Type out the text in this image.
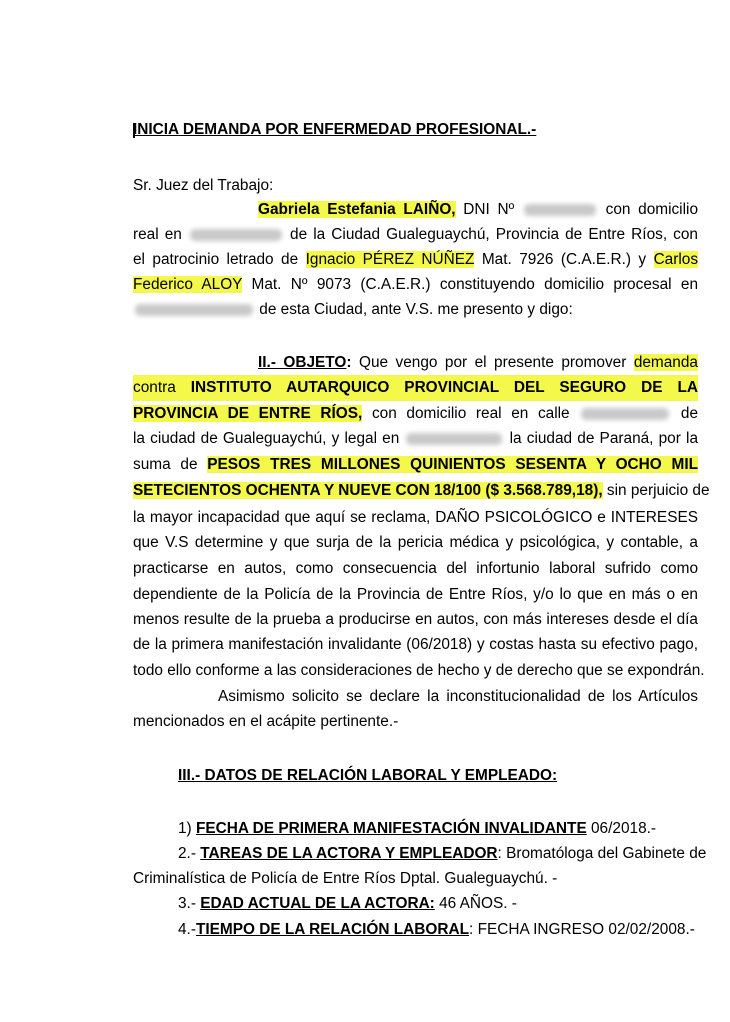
INICIA DEMANDA POR ENFERMEDAD PROFESIONAL.-
Sr. Juez del Trabajo:
Gabriela Estefania LAIÑO, DNI Nº	con domicilio
real en	de la Ciudad Gualeguaychú, Provincia de Entre Ríos, con
el patrocinio letrado de Ignacio PÉREZ NÚÑEZ Mat. 7926 (C.A.E.R.) y Carlos
Federico ALOY Mat. Nº 9073 (C.A.E.R.) constituyendo domicilio procesal en
de esta Ciudad, ante V.S. me presento y digo:
II.- OBJETO: Que vengo por el presente promover demanda
contra INSTITUTO AUTARQUICO PROVINCIAL DEL SEGURO DE LA
PROVINCIA DE ENTRE RÍOS, con domicilio real en calle	de
la ciudad de Gualeguaychú, y legal en	la ciudad de Paraná, por la
suma de PESOS TRES MILLONES QUINIENTOS SESENTA Y OCHO MIL
SETECIENTOS OCHENTA Y NUEVE CON 18/100 ($ 3.568.789,18), sin perjuicio de
la mayor incapacidad que aquí se reclama, DAÑO PSICOLÓGICO e INTERESES
que V.S determine y que surja de la pericia médica y psicológica, y contable, a
practicarse en autos, como consecuencia del infortunio laboral sufrido como
dependiente de la Policía de la Provincia de Entre Ríos, y/o lo que en más o en
menos resulte de la prueba a producirse en autos, con más intereses desde el día
de la primera manifestación invalidante (06/2018) y costas hasta su efectivo pago,
todo ello conforme a las consideraciones de hecho y de derecho que se expondrán.
Asimismo solicito se declare la inconstitucionalidad de los Artículos
mencionados en el acápite pertinente.-
III.- DATOS DE RELACIÓN LABORAL Y EMPLEADO:
1) FECHA DE PRIMERA MANIFESTACIÓN INVALIDANTE 06/2018.-
2.- TAREAS DE LA ACTORA Y EMPLEADOR: Bromatóloga del Gabinete de
Criminalística de Policía de Entre Ríos Dptal. Gualeguaychú. -
3.- EDAD ACTUAL DE LA ACTORA: 46 AÑOS. -
4.-TIEMPO DE LA RELACIÓN LABORAL: FECHA INGRESO 02/02/2008.-
